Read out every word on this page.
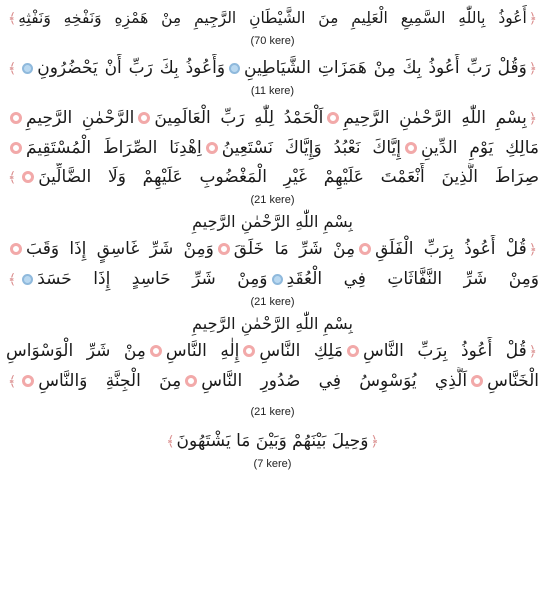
﴿أَعُوذُ بِاللّٰهِ السَّمِيعِ الْعَلِيمِ مِنَ الشَّيْطَانِ الرَّجِيمِ مِنْ هَمْزِهِ وَنَفْخِهِ وَنَفْثِهِ﴾
(70 kere)
﴿وَقُلْ رَبِّ أَعُوذُ بِكَ مِنْ هَمَزَاتِ الشَّيَاطِينِوَأَعُوذُ بِكَ رَبِّ أَنْ يَحْضُرُونِ﴾
(11 kere)
﴿بِسْمِ اللّٰهِ الرَّحْمٰنِ الرَّحِيمِاَلْحَمْدُ لِلّٰهِ رَبِّ الْعَالَمِينَالرَّحْمٰنِ الرَّحِيمِ
مَالِكِ يَوْمِ الدِّينِإِيَّاكَ نَعْبُدُ وَإِيَّاكَ نَسْتَعِينُاِهْدِنَا الصِّرَاطَ الْمُسْتَقِيمَ
صِرَاطَ الَّذِينَ أَنْعَمْتَ عَلَيْهِمْ غَيْرِ الْمَغْضُوبِ عَلَيْهِمْ وَلَا الضَّالِّينَ﴾
(21 kere)
بِسْمِ اللّٰهِ الرَّحْمٰنِ الرَّحِيمِ
﴿قُلْ أَعُوذُ بِرَبِّ الْفَلَقِمِنْ شَرِّ مَا خَلَقَوَمِنْ شَرِّ غَاسِقٍ إِذَا وَقَبَ
وَمِنْ شَرِّ النَّفَّاثَاتِ فِي الْعُقَدِوَمِنْ شَرِّ حَاسِدٍ إِذَا حَسَدَ﴾
(21 kere)
بِسْمِ اللّٰهِ الرَّحْمٰنِ الرَّحِيمِ
﴿قُلْ أَعُوذُ بِرَبِّ النَّاسِمَلِكِ النَّاسِإِلٰهِ النَّاسِمِنْ شَرِّ الْوَسْوَاسِ
الْخَنَّاسِاَلَّذِي يُوَسْوِسُ فِي صُدُورِ النَّاسِمِنَ الْجِنَّةِ وَالنَّاسِ﴾
(21 kere)
﴿وَحِيلَ بَيْنَهُمْ وَبَيْنَ مَا يَشْتَهُونَ﴾
(7 kere)
